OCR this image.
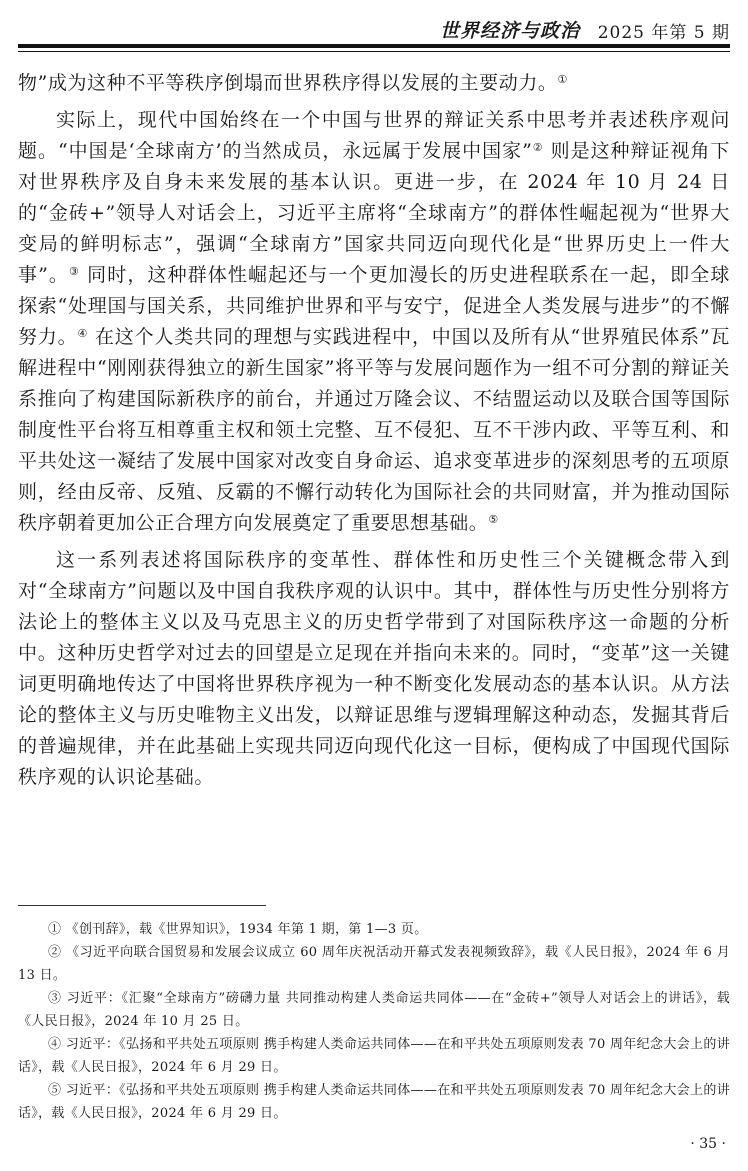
世界经济与政治 2025 年第 5 期

物”成为这种不平等秩序倒塌而世界秩序得以发展的主要动力。①

实际上，现代中国始终在一个中国与世界的辩证关系中思考并表述秩序观问题。“中国是‘全球南方’的当然成员，永远属于发展中国家”② 则是这种辩证视角下对世界秩序及自身未来发展的基本认识。更进一步，在 2024 年 10 月 24 日的“金砖+”领导人对话会上，习近平主席将“全球南方”的群体性崛起视为“世界大变局的鲜明标志”，强调“全球南方”国家共同迈向现代化是“世界历史上一件大事”。③ 同时，这种群体性崛起还与一个更加漫长的历史进程联系在一起，即全球探索“处理国与国关系，共同维护世界和平与安宁，促进全人类发展与进步”的不懈努力。④ 在这个人类共同的理想与实践进程中，中国以及所有从“世界殖民体系”瓦解进程中“刚刚获得独立的新生国家”将平等与发展问题作为一组不可分割的辩证关系推向了构建国际新秩序的前台，并通过万隆会议、不结盟运动以及联合国等国际制度性平台将互相尊重主权和领土完整、互不侵犯、互不干涉内政、平等互利、和平共处这一凝结了发展中国家对改变自身命运、追求变革进步的深刻思考的五项原则，经由反帝、反殖、反霸的不懈行动转化为国际社会的共同财富，并为推动国际秩序朝着更加公正合理方向发展奠定了重要思想基础。⑤

这一系列表述将国际秩序的变革性、群体性和历史性三个关键概念带入到对“全球南方”问题以及中国自我秩序观的认识中。其中，群体性与历史性分别将方法论上的整体主义以及马克思主义的历史哲学带到了对国际秩序这一命题的分析中。这种历史哲学对过去的回望是立足现在并指向未来的。同时，“变革”这一关键词更明确地传达了中国将世界秩序视为一种不断变化发展动态的基本认识。从方法论的整体主义与历史唯物主义出发，以辩证思维与逻辑理解这种动态，发掘其背后的普遍规律，并在此基础上实现共同迈向现代化这一目标，便构成了中国现代国际秩序观的认识论基础。

① 《创刊辞》，载《世界知识》，1934 年第 1 期，第 1—3 页。
② 《习近平向联合国贸易和发展会议成立 60 周年庆祝活动开幕式发表视频致辞》，载《人民日报》，2024 年 6 月 13 日。
③ 习近平：《汇聚“全球南方”磅礴力量 共同推动构建人类命运共同体——在“金砖+”领导人对话会上的讲话》，载《人民日报》，2024 年 10 月 25 日。
④ 习近平：《弘扬和平共处五项原则 携手构建人类命运共同体——在和平共处五项原则发表 70 周年纪念大会上的讲话》，载《人民日报》，2024 年 6 月 29 日。
⑤ 习近平：《弘扬和平共处五项原则 携手构建人类命运共同体——在和平共处五项原则发表 70 周年纪念大会上的讲话》，载《人民日报》，2024 年 6 月 29 日。
· 35 ·
